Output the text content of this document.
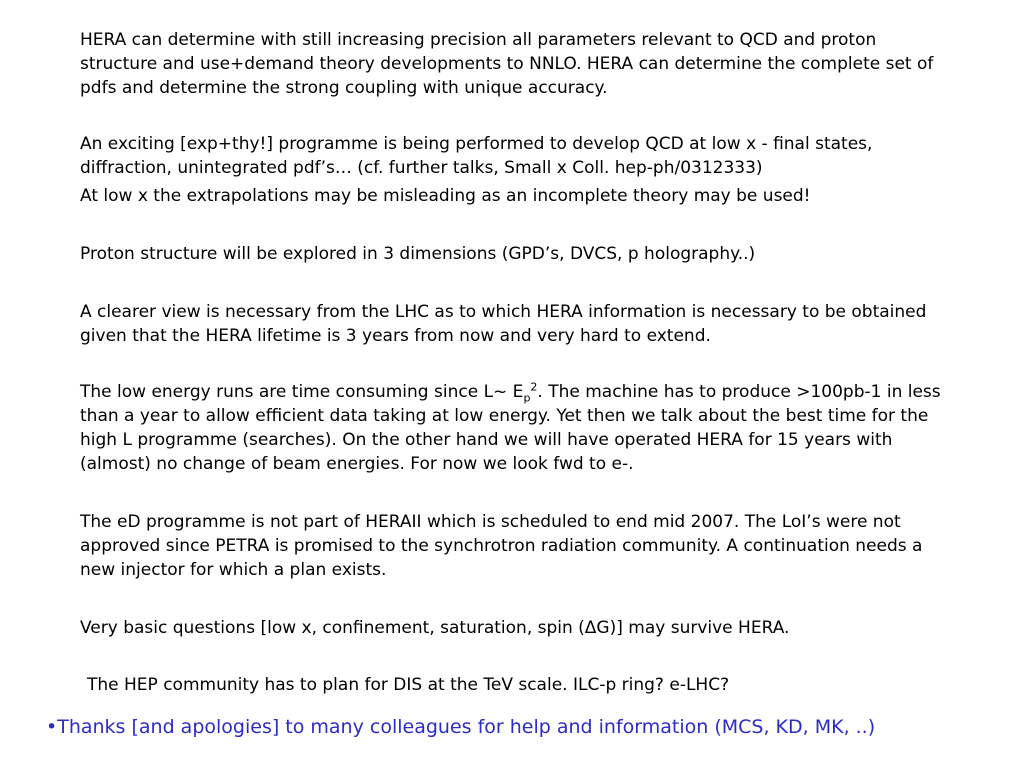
HERA can determine with still increasing precision all parameters relevant to QCD and proton structure and use+demand theory developments to NNLO. HERA can determine the complete set of pdfs and determine the strong coupling with unique accuracy.

An exciting [exp+thy!] programme is being performed to develop QCD at low x - final states, diffraction, unintegrated pdf’s… (cf. further talks, Small x Coll. hep-ph/0312333)

At low x the extrapolations may be misleading as an incomplete theory may be used!

Proton structure will be explored in 3 dimensions (GPD’s, DVCS, p holography..)

A clearer view is necessary from the LHC as to which HERA information is necessary to be obtained given that the HERA lifetime is 3 years from now and very hard to extend.

The low energy runs are time consuming since L~ $E_p^2$. The machine has to produce >100pb-1 in less than a year to allow efficient data taking at low energy. Yet then we talk about the best time for the high L programme (searches). On the other hand we will have operated HERA for 15 years with (almost) no change of beam energies. For now we look fwd to e-.

The eD programme is not part of HERAII which is scheduled to end mid 2007. The LoI’s were not approved since PETRA is promised to the synchrotron radiation community. A continuation needs a new injector for which a plan exists.

Very basic questions [low x, confinement, saturation, spin (ΔG)] may survive HERA.

The HEP community has to plan for DIS at the TeV scale. ILC-p ring? e-LHC?

•Thanks [and apologies] to many colleagues for help and information (MCS, KD, MK, ..)
